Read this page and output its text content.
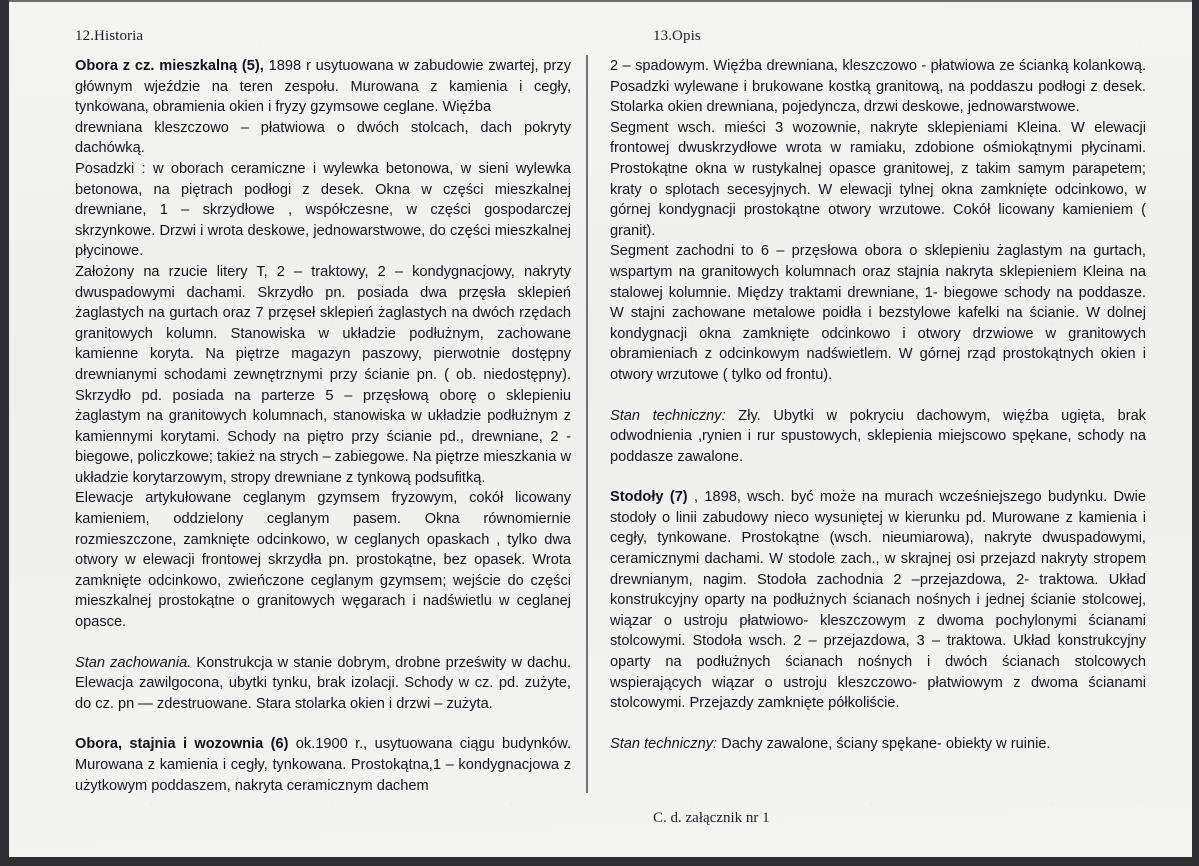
12.Historia	13.Opis

Obora z cz. mieszkalną (5), 1898 r usytuowana w zabudowie zwartej, przy głównym wjeździe na teren zespołu. Murowana z kamienia i cegły, tynkowana, obramienia okien i fryzy gzymsowe ceglane. Więźba

drewniana kleszczowo – płatwiowa o dwóch stolcach, dach pokryty dachówką.

Posadzki : w oborach ceramiczne i wylewka betonowa, w sieni wylewka betonowa, na piętrach podłogi z desek. Okna w części mieszkalnej drewniane, 1 – skrzydłowe , współczesne, w części gospodarczej skrzynkowe. Drzwi i wrota deskowe, jednowarstwowe, do części mieszkalnej płycinowe.

Założony na rzucie litery T, 2 – traktowy, 2 – kondygnacjowy, nakryty dwuspadowymi dachami. Skrzydło pn. posiada dwa przęsła sklepień żaglastych na gurtach oraz 7 przęseł sklepień żaglastych na dwóch rzędach granitowych kolumn. Stanowiska w układzie podłużnym, zachowane kamienne koryta. Na piętrze magazyn paszowy, pierwotnie dostępny drewnianymi schodami zewnętrznymi przy ścianie pn. ( ob. niedostępny). Skrzydło pd. posiada na parterze 5 – przęsłową oborę o sklepieniu żaglastym na granitowych kolumnach, stanowiska w układzie podłużnym z kamiennymi korytami. Schody na piętro przy ścianie pd., drewniane, 2 -biegowe, policzkowe; takież na strych – zabiegowe. Na piętrze mieszkania w układzie korytarzowym, stropy drewniane z tynkową podsufitką.

Elewacje artykułowane ceglanym gzymsem fryzowym, cokół licowany kamieniem, oddzielony ceglanym pasem. Okna równomiernie rozmieszczone, zamknięte odcinkowo, w ceglanych opaskach , tylko dwa otwory w elewacji frontowej skrzydła pn. prostokątne, bez opasek. Wrota zamknięte odcinkowo, zwieńczone ceglanym gzymsem; wejście do części mieszkalnej prostokątne o granitowych węgarach i nadświetlu w ceglanej opasce.

Stan zachowania. Konstrukcja w stanie dobrym, drobne prześwity w dachu. Elewacja zawilgocona, ubytki tynku, brak izolacji. Schody w cz. pd. zużyte, do cz. pn — zdestruowane. Stara stolarka okien i drzwi – zużyta.

Obora, stajnia i wozownia (6) ok.1900 r., usytuowana ciągu budynków. Murowana z kamienia i cegły, tynkowana. Prostokątna,1 – kondygnacjowa z użytkowym poddaszem, nakryta ceramicznym dachem

2 – spadowym. Więźba drewniana, kleszczowo - płatwiowa ze ścianką kolankową. Posadzki wylewane i brukowane kostką granitową, na poddaszu podłogi z desek. Stolarka okien drewniana, pojedyncza, drzwi deskowe, jednowarstwowe.

Segment wsch. mieści 3 wozownie, nakryte sklepieniami Kleina. W elewacji frontowej dwuskrzydłowe wrota w ramiaku, zdobione ośmiokątnymi płycinami. Prostokątne okna w rustykalnej opasce granitowej, z takim samym parapetem; kraty o splotach secesyjnych. W elewacji tylnej okna zamknięte odcinkowo, w górnej kondygnacji prostokątne otwory wrzutowe. Cokół licowany kamieniem ( granit).

Segment zachodni to 6 – przęsłowa obora o sklepieniu żaglastym na gurtach, wspartym na granitowych kolumnach oraz stajnia nakryta sklepieniem Kleina na stalowej kolumnie. Między traktami drewniane, 1- biegowe schody na poddasze. W stajni zachowane metalowe poidła i bezstylowe kafelki na ścianie. W dolnej kondygnacji okna zamknięte odcinkowo i otwory drzwiowe w granitowych obramieniach z odcinkowym nadświetlem. W górnej rząd prostokątnych okien i otwory wrzutowe ( tylko od frontu).

Stan techniczny: Zły. Ubytki w pokryciu dachowym, więźba ugięta, brak odwodnienia ,rynien i rur spustowych, sklepienia miejscowo spękane, schody na poddasze zawalone.

Stodoły (7) , 1898, wsch. być może na murach wcześniejszego budynku. Dwie stodoły o linii zabudowy nieco wysuniętej w kierunku pd. Murowane z kamienia i cegły, tynkowane. Prostokątne (wsch. nieumiarowa), nakryte dwuspadowymi, ceramicznymi dachami. W stodole zach., w skrajnej osi przejazd nakryty stropem drewnianym, nagim. Stodoła zachodnia 2 –przejazdowa, 2- traktowa. Układ konstrukcyjny oparty na podłużnych ścianach nośnych i jednej ścianie stolcowej, wiązar o ustroju płatwiowo- kleszczowym z dwoma pochylonymi ścianami stolcowymi. Stodoła wsch. 2 – przejazdowa, 3 – traktowa. Układ konstrukcyjny oparty na podłużnych ścianach nośnych i dwóch ścianach stolcowych wspierających wiązar o ustroju kleszczowo- płatwiowym z dwoma ścianami stolcowymi. Przejazdy zamknięte półkoliście.

Stan techniczny: Dachy zawalone, ściany spękane- obiekty w ruinie.

C. d. załącznik nr 1
